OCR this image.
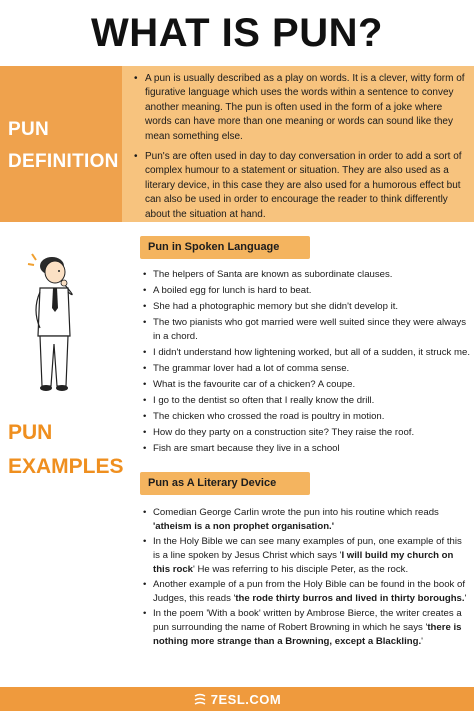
WHAT IS PUN?
PUN
DEFINITION
• A pun is usually described as a play on words. It is a clever, witty form of figurative language which uses the words within a sentence to convey another meaning. The pun is often used in the form of a joke where words can have more than one meaning or words can sound like they mean something else.
• Pun's are often used in day to day conversation in order to add a sort of complex humour to a statement or situation. They are also used as a literary device, in this case they are also used for a humorous effect but can also be used in order to encourage the reader to think differently about the situation at hand.
PUN
EXAMPLES
Pun in Spoken Language
• The helpers of Santa are known as subordinate clauses.
• A boiled egg for lunch is hard to beat.
• She had a photographic memory but she didn't develop it.
• The two pianists who got married were well suited since they were always in a chord.
• I didn't understand how lightening worked, but all of a sudden, it struck me.
• The grammar lover had a lot of comma sense.
• What is the favourite car of a chicken? A coupe.
• I go to the dentist so often that I really know the drill.
• The chicken who crossed the road is poultry in motion.
• How do they party on a construction site? They raise the roof.
• Fish are smart because they live in a school
Pun as A Literary Device
• Comedian George Carlin wrote the pun into his routine which reads 'atheism is a non prophet organisation.'
• In the Holy Bible we can see many examples of pun, one example of this is a line spoken by Jesus Christ which says 'I will build my church on this rock' He was referring to his disciple Peter, as the rock.
• Another example of a pun from the Holy Bible can be found in the book of Judges, this reads 'the rode thirty burros and lived in thirty boroughs.'
• In the poem 'With a book' written by Ambrose Bierce, the writer creates a pun surrounding the name of Robert Browning in which he says 'there is nothing more strange than a Browning, except a Blackling.'
7ESL.COM
